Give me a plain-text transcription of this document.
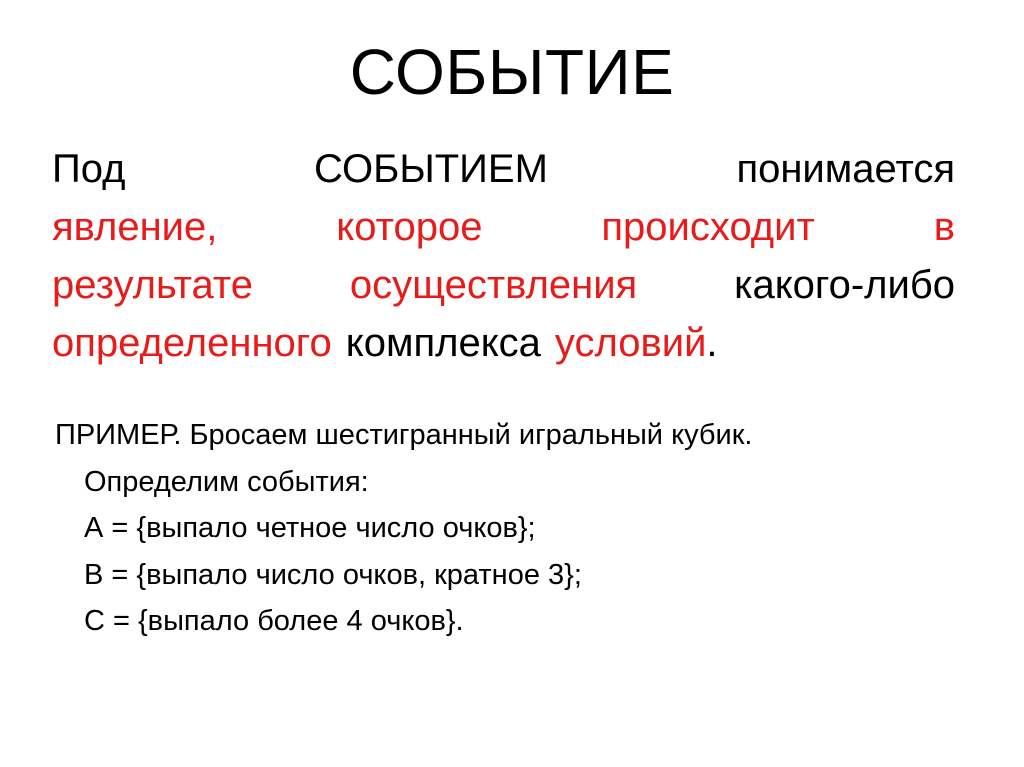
СОБЫТИЕ
Под	СОБЫТИЕМ	понимается
явление,	которое	происходит	в
результате осуществления какого-либо
определенного комплекса условий .
ПРИМЕР. Бросаем шестигранный игральный кубик.
Определим события:
А = {выпало четное число очков};
В = {выпало число очков, кратное 3};
С = {выпало более 4 очков}.
